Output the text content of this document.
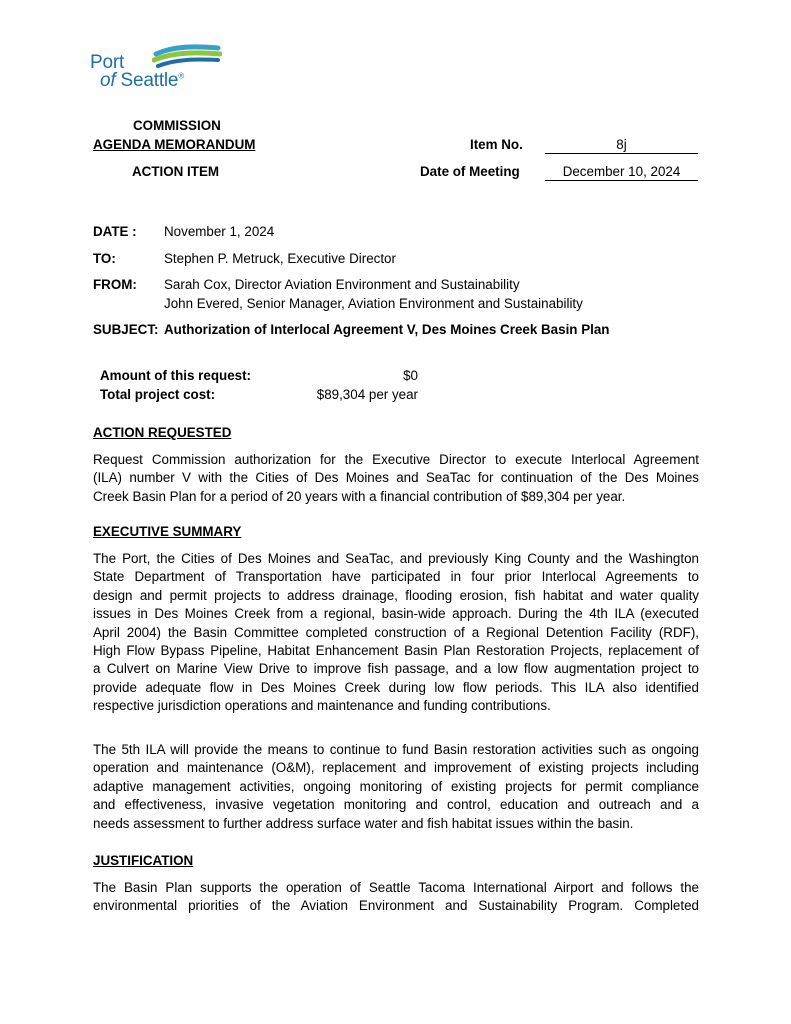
Port
of Seattle®
COMMISSION
AGENDA MEMORANDUM
ACTION ITEM
Item No.	8j
Date of Meeting	December 10, 2024
DATE : November 1, 2024
TO:	Stephen P. Metruck, Executive Director
FROM: Sarah Cox, Director Aviation Environment and Sustainability
John Evered, Senior Manager, Aviation Environment and Sustainability
SUBJECT: Authorization of Interlocal Agreement V, Des Moines Creek Basin Plan
Amount of this request:	$0
Total project cost:	$89,304 per year
ACTION REQUESTED
Request Commission authorization for the Executive Director to execute Interlocal Agreement
(ILA) number V with the Cities of Des Moines and SeaTac for continuation of the Des Moines
Creek Basin Plan for a period of 20 years with a financial contribution of $89,304 per year.
EXECUTIVE SUMMARY
The Port, the Cities of Des Moines and SeaTac, and previously King County and the Washington
State Department of Transportation have participated in four prior Interlocal Agreements to
design and permit projects to address drainage, flooding erosion, fish habitat and water quality
issues in Des Moines Creek from a regional, basin-wide approach. During the 4th ILA (executed
April 2004) the Basin Committee completed construction of a Regional Detention Facility (RDF),
High Flow Bypass Pipeline, Habitat Enhancement Basin Plan Restoration Projects, replacement of
a Culvert on Marine View Drive to improve fish passage, and a low flow augmentation project to
provide adequate flow in Des Moines Creek during low flow periods. This ILA also identified
respective jurisdiction operations and maintenance and funding contributions.
The 5th ILA will provide the means to continue to fund Basin restoration activities such as ongoing
operation and maintenance (O&M), replacement and improvement of existing projects including
adaptive management activities, ongoing monitoring of existing projects for permit compliance
and effectiveness, invasive vegetation monitoring and control, education and outreach and a
needs assessment to further address surface water and fish habitat issues within the basin.
JUSTIFICATION
The Basin Plan supports the operation of Seattle Tacoma International Airport and follows the
environmental priorities of the Aviation Environment and Sustainability Program. Completed
